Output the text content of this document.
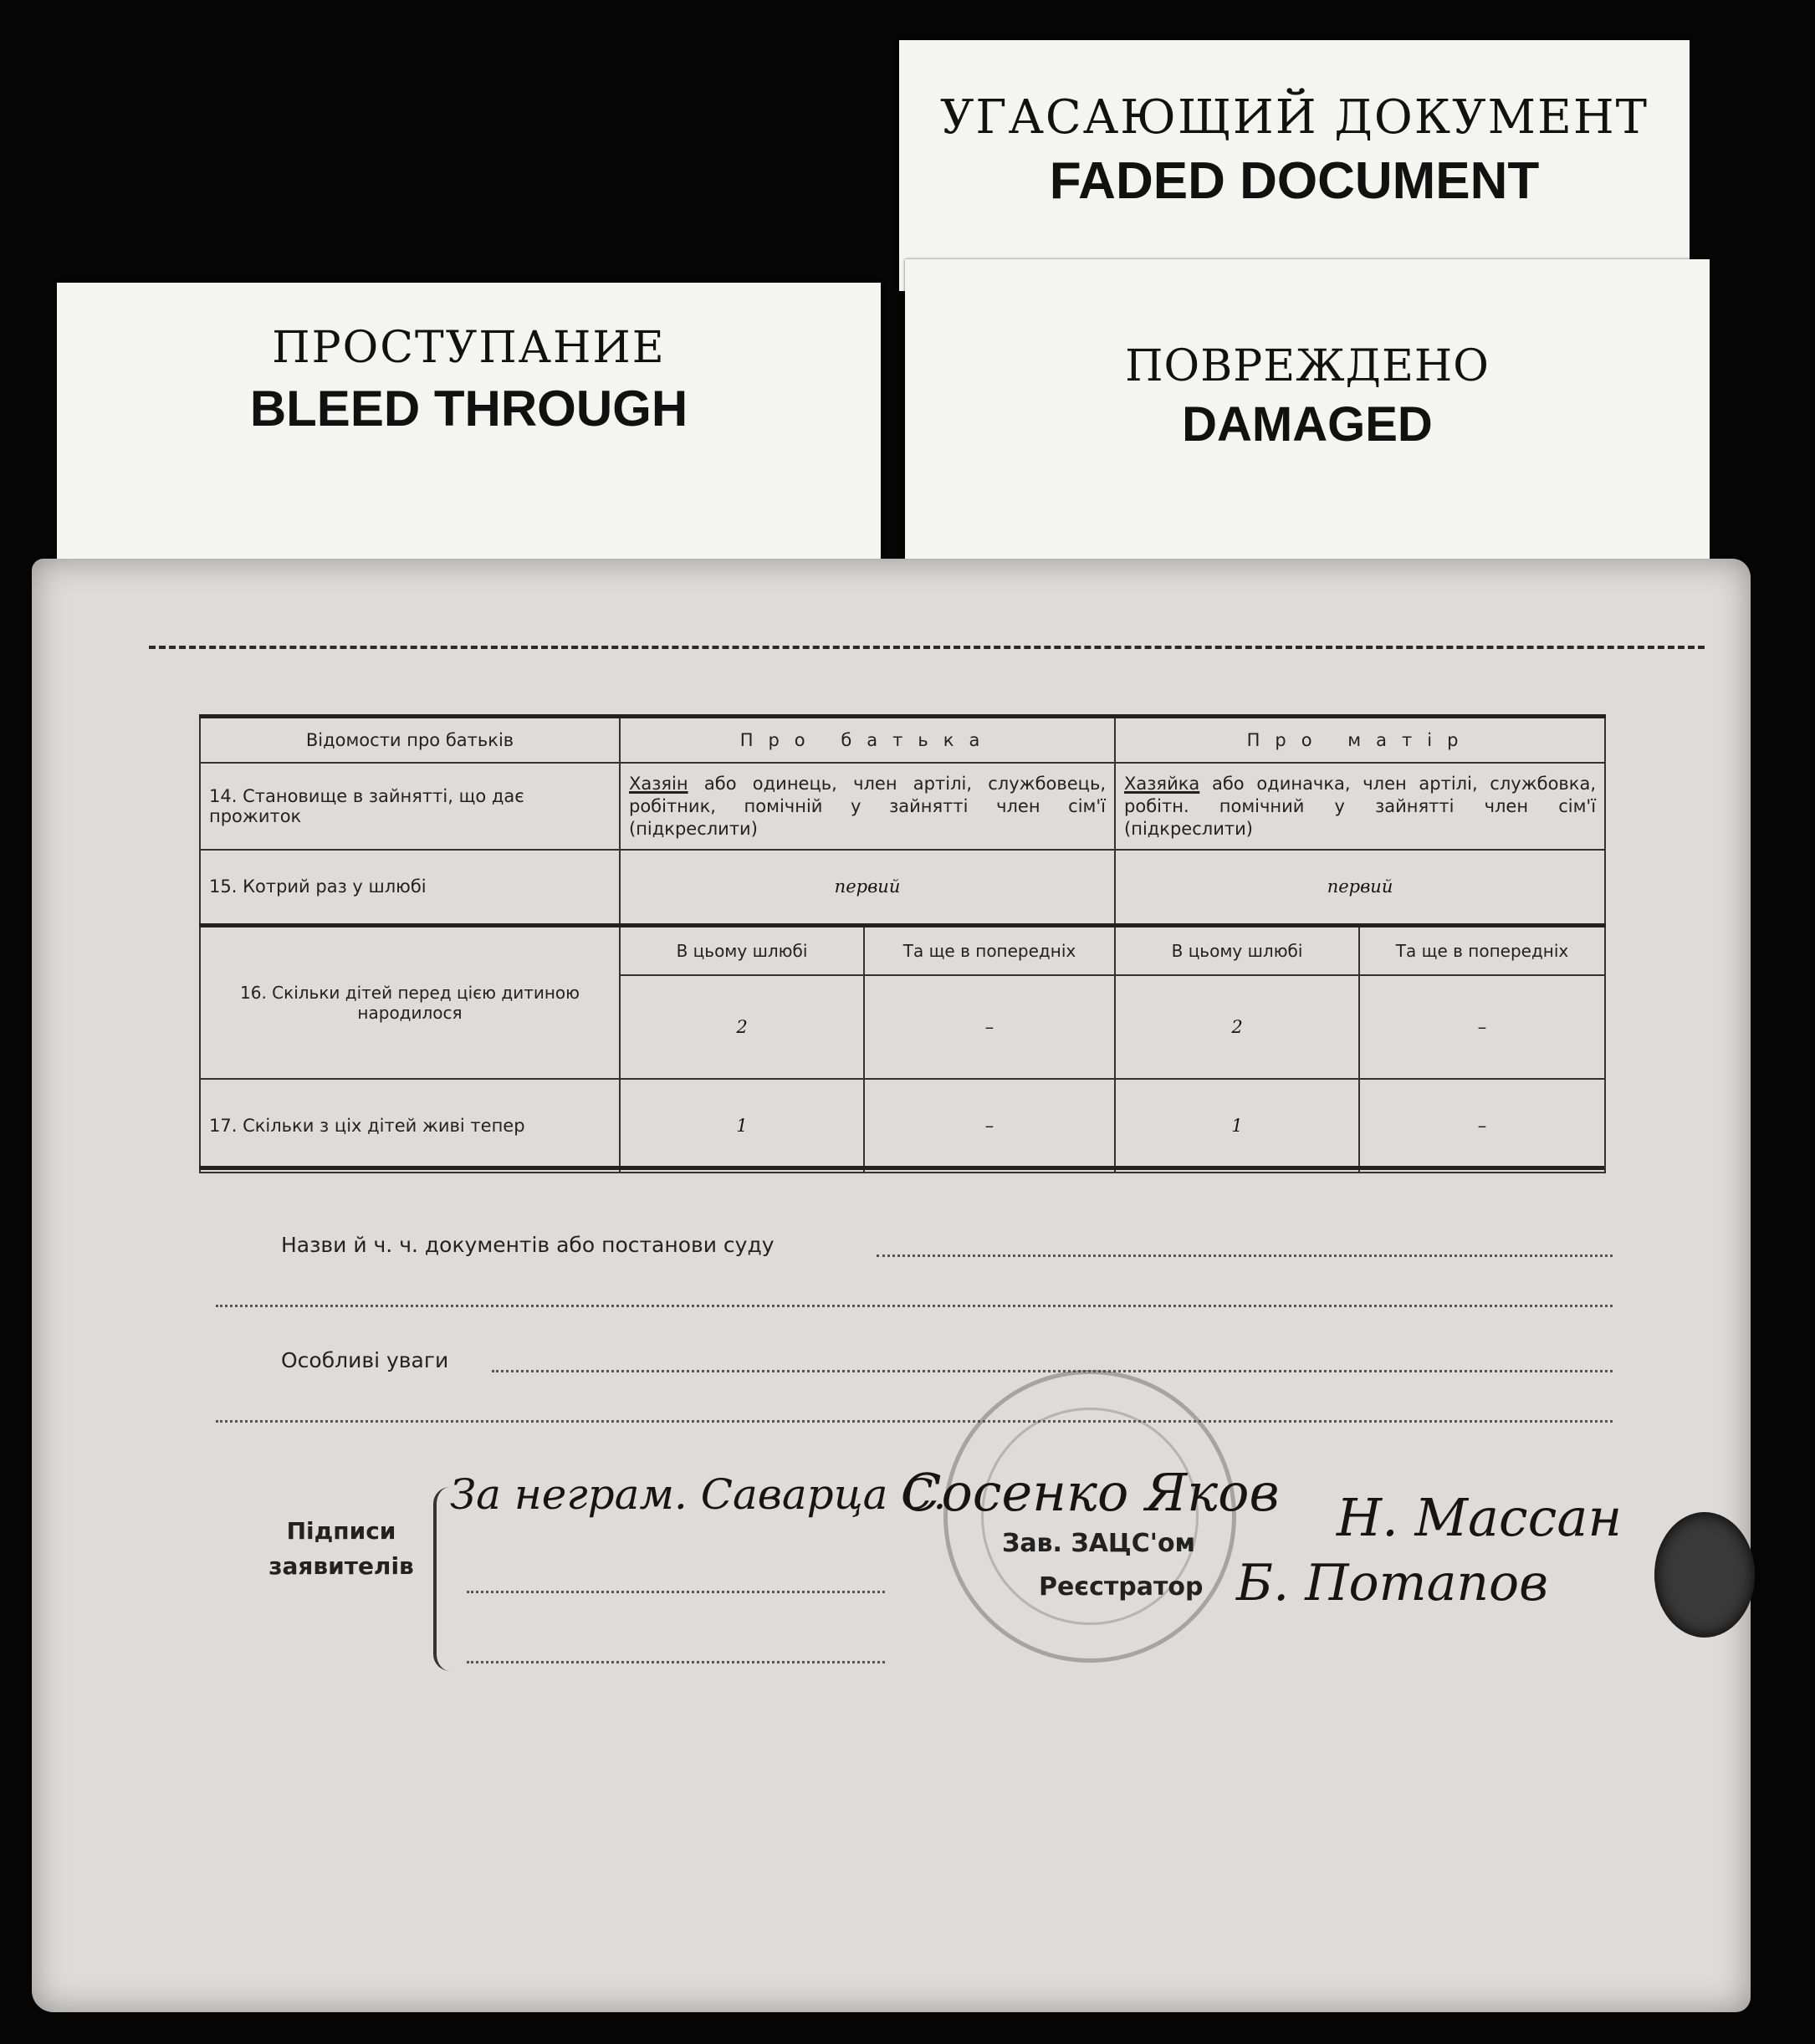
УГАСАЮЩИЙ ДОКУМЕНТ
FADED DOCUMENT
ПРОСТУПАНИЕ
BLEED THROUGH
ПОВРЕЖДЕНО
DAMAGED
Відомости про батьків	Про батька		Про матір	
14. Становище в зайнятті, що дає прожиток	Хазяін або одинець, член артілі, службовець, робітник, помічній у зайнятті член сім'ї (підкреслити)		Хазяйка або одиначка, член артілі, службовка, робітн. помічний у зайнятті член сім'ї (підкреслити)	
15. Котрий раз у шлюбі	первий		первий	
16. Скільки дітей перед цією дитиною народилося	В цьому шлюбі	Та ще в попередніх	В цьому шлюбі	Та ще в попередніх
	2	–	2	–
17. Скільки з ціх дітей живі тепер	1	–	1	–
Назви й ч. ч. документів або постанови суду
Особливі уваги
Підписи
заявителів
За неграм. Саварца С.
Сосенко Яков
Зав. ЗАЦС'ом	Н. Массан
Реєстратор Б. Потапов
